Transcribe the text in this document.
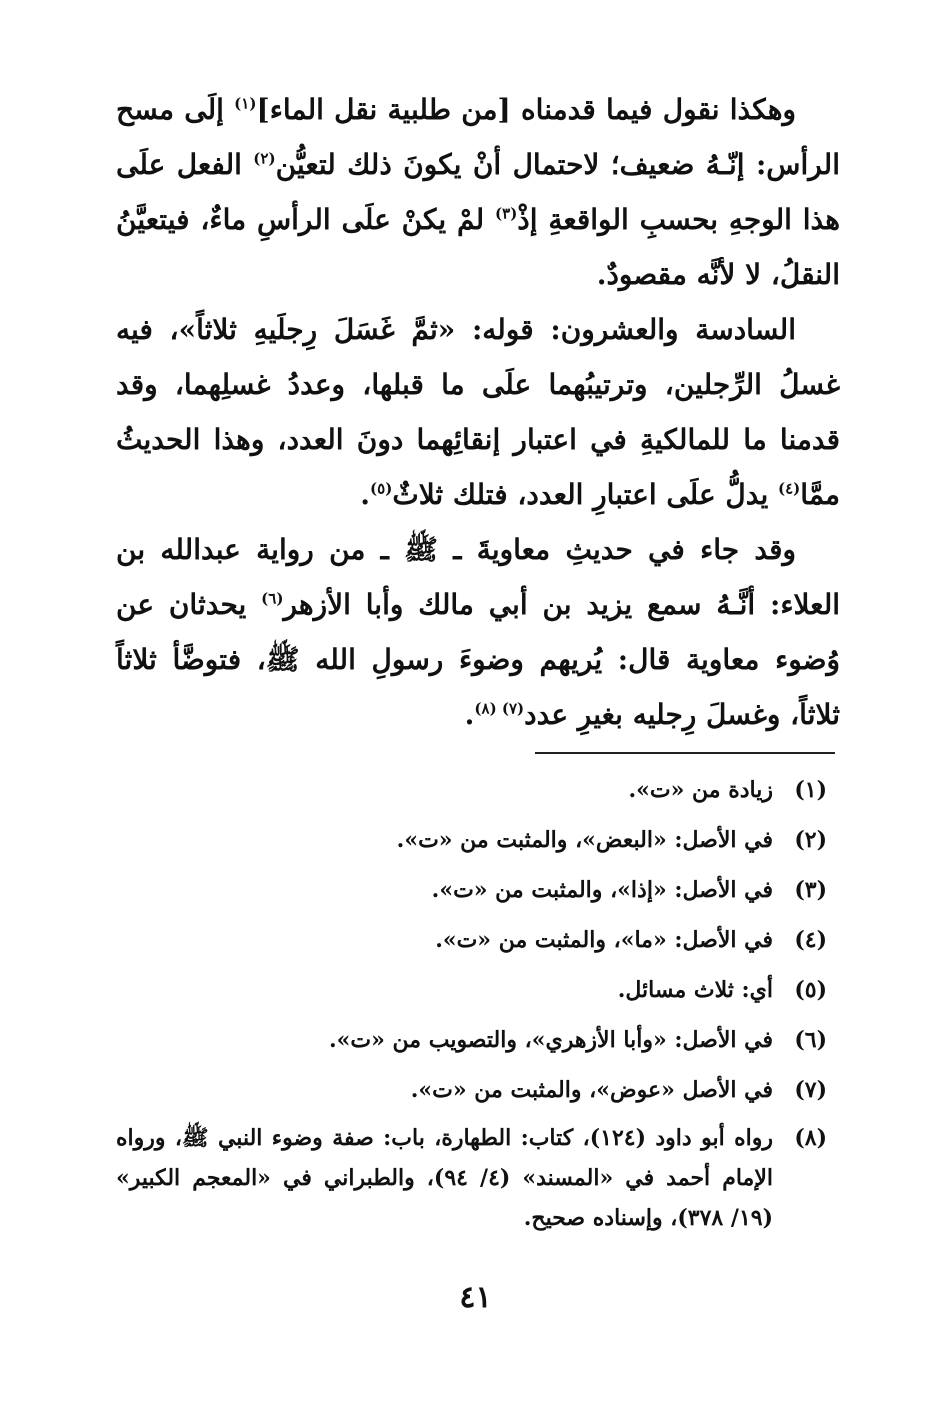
وهكذا نقول فيما قدمناه [من طلبية نقل الماء]$^{(١)}$ إلَى مسح الرأس: إنّـهُ ضعيف؛ لاحتمال أنْ يكونَ ذلك لتعيُّن$^{(٢)}$ الفعل علَى هذا الوجهِ بحسبِ الواقعةِ إذْ$^{(٣)}$ لمْ يكنْ علَى الرأسِ ماءٌ، فيتعيَّنُ النقلُ، لا لأنَّه مقصودٌ.

السادسة والعشرون: قوله: «ثمَّ غَسَلَ رِجلَيهِ ثلاثاً»، فيه غسلُ الرِّجلين، وترتيبُهما علَى ما قبلها، وعددُ غسلِهما، وقد قدمنا ما للمالكيةِ في اعتبار إنقائِهما دونَ العدد، وهذا الحديثُ ممَّا$^{(٤)}$ يدلُّ علَى اعتبارِ العدد، فتلك ثلاثٌ$^{(٥)}$.

وقد جاء في حديثِ معاويةَ ـ ﷺ ـ من رواية عبدالله بن العلاء: أنَّـهُ سمع يزيد بن أبي مالك وأبا الأزهر$^{(٦)}$ يحدثان عن وُضوء معاوية قال: يُريهم وضوءَ رسولِ الله ﷺ، فتوضَّأ ثلاثاً ثلاثاً، وغسلَ رِجليه بغيرِ عدد$^{(٧) (٨)}$.

(١)
زيادة من «ت».
(٢)
في الأصل: «البعض»، والمثبت من «ت».
(٣)
في الأصل: «إذا»، والمثبت من «ت».
(٤)
في الأصل: «ما»، والمثبت من «ت».
(٥)
أي: ثلاث مسائل.
(٦)
في الأصل: «وأبا الأزهري»، والتصويب من «ت».
(٧)
في الأصل «عوض»، والمثبت من «ت».
(٨)
رواه أبو داود (١٢٤)، كتاب: الطهارة، باب: صفة وضوء النبي ﷺ، ورواه الإمام أحمد في «المسند» (٤/ ٩٤)، والطبراني في «المعجم الكبير» (١٩/ ٣٧٨)، وإسناده صحيح.
٤١
